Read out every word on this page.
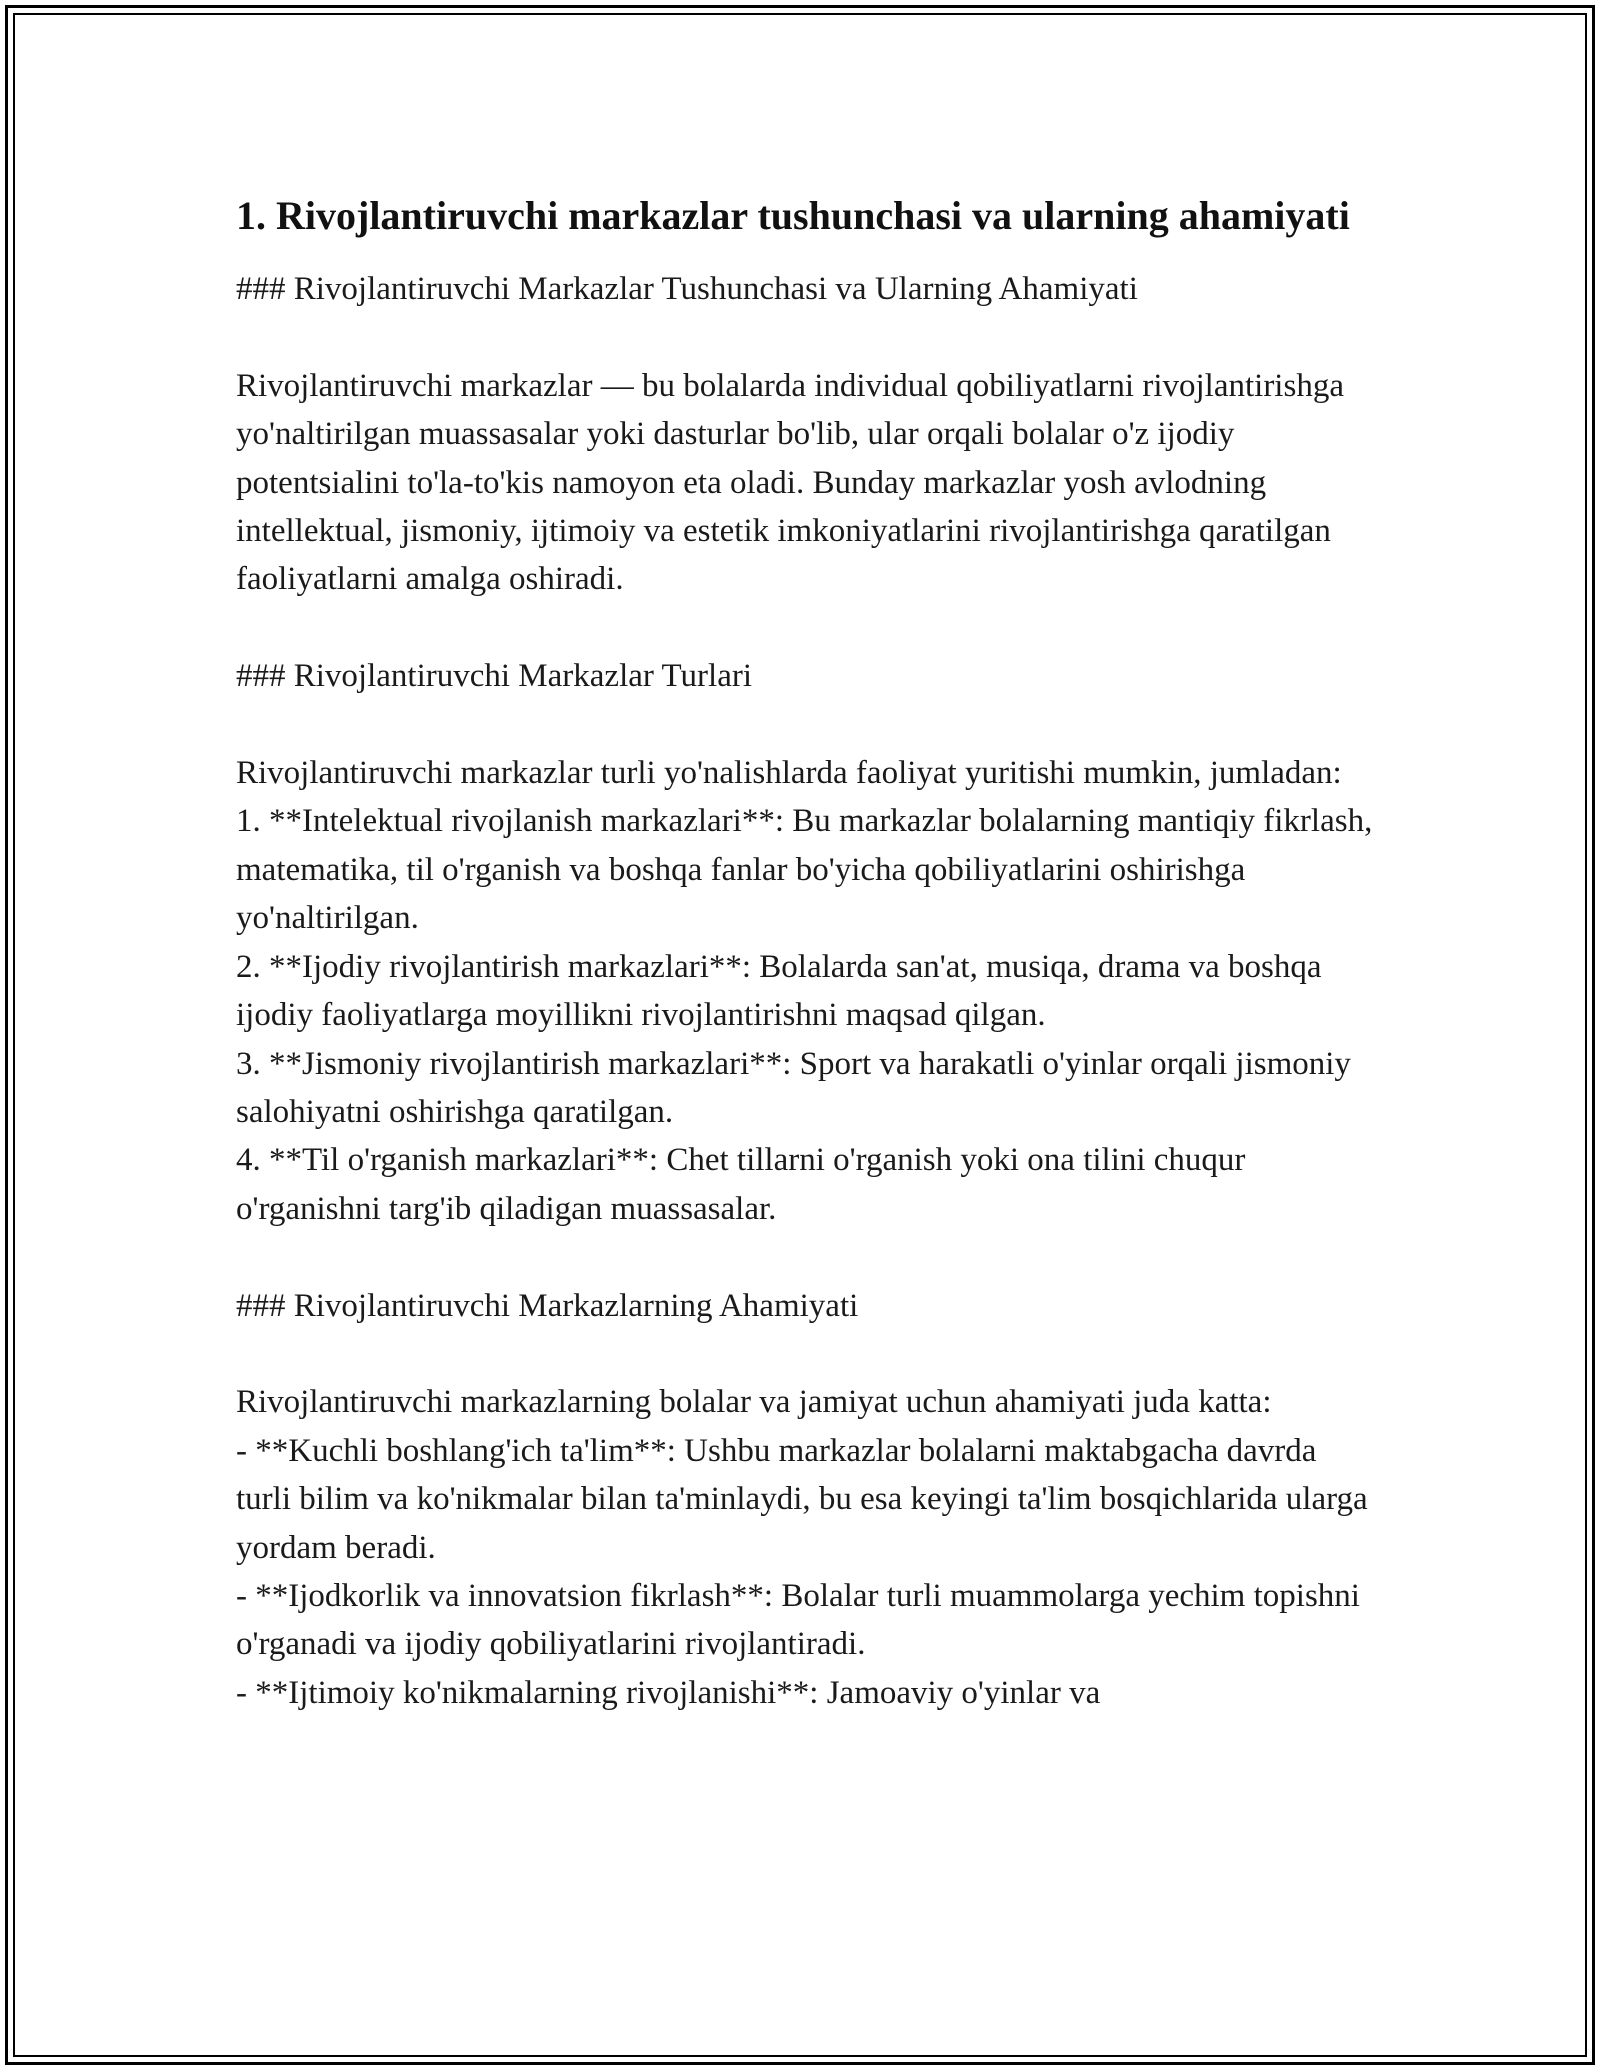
1. Rivojlantiruvchi markazlar tushunchasi va ularning ahamiyati
### Rivojlantiruvchi Markazlar Tushunchasi va Ularning Ahamiyati

Rivojlantiruvchi markazlar — bu bolalarda individual qobiliyatlarni rivojlantirishga yo'naltirilgan muassasalar yoki dasturlar bo'lib, ular orqali bolalar o'z ijodiy potentsialini to'la-to'kis namoyon eta oladi. Bunday markazlar yosh avlodning intellektual, jismoniy, ijtimoiy va estetik imkoniyatlarini rivojlantirishga qaratilgan faoliyatlarni amalga oshiradi.

### Rivojlantiruvchi Markazlar Turlari

Rivojlantiruvchi markazlar turli yo'nalishlarda faoliyat yuritishi mumkin, jumladan:
1. **Intelektual rivojlanish markazlari**: Bu markazlar bolalarning mantiqiy fikrlash, matematika, til o'rganish va boshqa fanlar bo'yicha qobiliyatlarini oshirishga yo'naltirilgan.
2. **Ijodiy rivojlantirish markazlari**: Bolalarda san'at, musiqa, drama va boshqa ijodiy faoliyatlarga moyillikni rivojlantirishni maqsad qilgan.
3. **Jismoniy rivojlantirish markazlari**: Sport va harakatli o'yinlar orqali jismoniy salohiyatni oshirishga qaratilgan.
4. **Til o'rganish markazlari**: Chet tillarni o'rganish yoki ona tilini chuqur o'rganishni targ'ib qiladigan muassasalar.

### Rivojlantiruvchi Markazlarning Ahamiyati

Rivojlantiruvchi markazlarning bolalar va jamiyat uchun ahamiyati juda katta:
- **Kuchli boshlang'ich ta'lim**: Ushbu markazlar bolalarni maktabgacha davrda turli bilim va ko'nikmalar bilan ta'minlaydi, bu esa keyingi ta'lim bosqichlarida ularga yordam beradi.
- **Ijodkorlik va innovatsion fikrlash**: Bolalar turli muammolarga yechim topishni o'rganadi va ijodiy qobiliyatlarini rivojlantiradi.
- **Ijtimoiy ko'nikmalarning rivojlanishi**: Jamoaviy o'yinlar va
